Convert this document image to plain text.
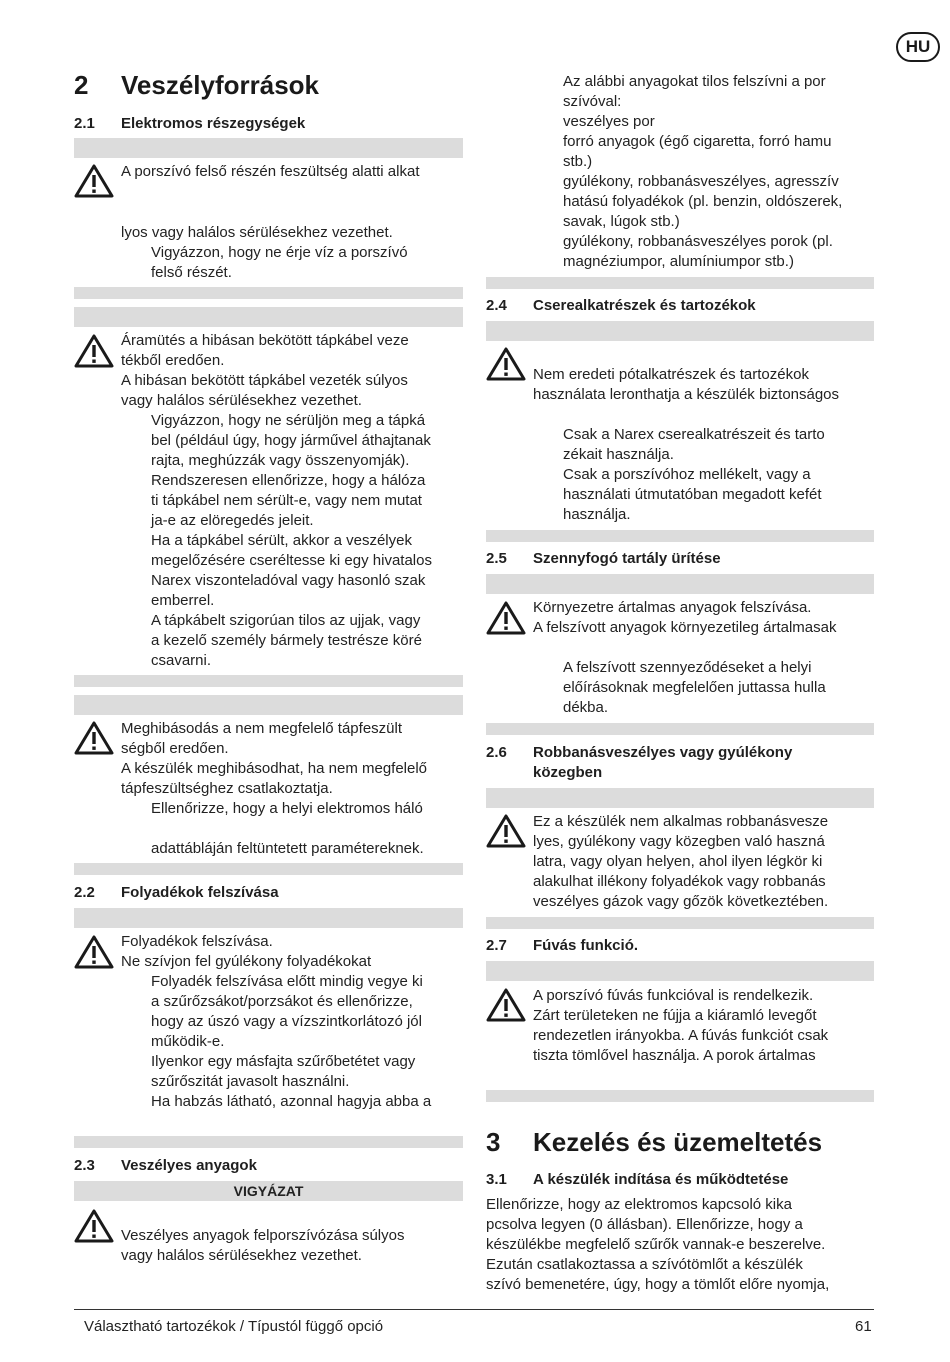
HU
2 Veszélyforrások
2.1 Elektromos részegységek
A porszívó felső részén feszültség alatti alkat
lyos vagy halálos sérülésekhez vezethet.
Vigyázzon, hogy ne érje víz a porszívó
felső részét.
Áramütés a hibásan bekötött tápkábel veze
tékből eredően.
A hibásan bekötött tápkábel vezeték súlyos
vagy halálos sérülésekhez vezethet.
Vigyázzon, hogy ne sérüljön meg a tápká
bel (például úgy, hogy járművel áthajtanak
rajta, meghúzzák vagy összenyomják).
Rendszeresen ellenőrizze, hogy a hálóza
ti tápkábel nem sérült-e, vagy nem mutat
ja-e az elöregedés jeleit.
Ha a tápkábel sérült, akkor a veszélyek
megelőzésére cseréltesse ki egy hivatalos
Narex viszonteladóval vagy hasonló szak
emberrel.
A tápkábelt szigorúan tilos az ujjak, vagy
a kezelő személy bármely testrésze köré
csavarni.
Meghibásodás a nem megfelelő tápfeszült
ségből eredően.
A készülék meghibásodhat, ha nem megfelelő
tápfeszültséghez csatlakoztatja.
Ellenőrizze, hogy a helyi elektromos háló
adattábláján feltüntetett paramétereknek.
2.2 Folyadékok felszívása
Folyadékok felszívása.
Ne szívjon fel gyúlékony folyadékokat
Folyadék felszívása előtt mindig vegye ki
a szűrőzsákot/porzsákot és ellenőrizze,
hogy az úszó vagy a vízszintkorlátozó jól
működik-e.
Ilyenkor egy másfajta szűrőbetétet vagy
szűrőszitát javasolt használni.
Ha habzás látható, azonnal hagyja abba a
2.3 Veszélyes anyagok
VIGYÁZAT
Veszélyes anyagok felporszívózása súlyos
vagy halálos sérülésekhez vezethet.
Az alábbi anyagokat tilos felszívni a por
szívóval:
veszélyes por
forró anyagok (égő cigaretta, forró hamu
stb.)
gyúlékony, robbanásveszélyes, agresszív
hatású folyadékok (pl. benzin, oldószerek,
savak, lúgok stb.)
gyúlékony, robbanásveszélyes porok (pl.
magnéziumpor, alumíniumpor stb.)
2.4 Cserealkatrészek és tartozékok
Nem eredeti pótalkatrészek és tartozékok
használata leronthatja a készülék biztonságos
Csak a Narex cserealkatrészeit és tarto
zékait használja.
Csak a porszívóhoz mellékelt, vagy a
használati útmutatóban megadott kefét
használja.
2.5 Szennyfogó tartály ürítése
Környezetre ártalmas anyagok felszívása.
A felszívott anyagok környezetileg ártalmasak
A felszívott szennyeződéseket a helyi
előírásoknak megfelelően juttassa hulla
dékba.
2.6 Robbanásveszélyes vagy gyúlékony
közegben
Ez a készülék nem alkalmas robbanásvesze
lyes, gyúlékony vagy közegben való haszná
latra, vagy olyan helyen, ahol ilyen légkör ki
alakulhat illékony folyadékok vagy robbanás
veszélyes gázok vagy gőzök következtében.
2.7 Fúvás funkció.
A porszívó fúvás funkcióval is rendelkezik.
Zárt területeken ne fújja a kiáramló levegőt
rendezetlen irányokba. A fúvás funkciót csak
tiszta tömlővel használja. A porok ártalmas
3 Kezelés és üzemeltetés
3.1 A készülék indítása és működtetése
Ellenőrizze, hogy az elektromos kapcsoló kika
pcsolva legyen (0 állásban). Ellenőrizze, hogy a
készülékbe megfelelő szűrők vannak-e beszerelve.
Ezután csatlakoztassa a szívótömlőt a készülék
szívó bemenetére, úgy, hogy a tömlőt előre nyomja,
Választható tartozékok / Típustól függő opció	61
